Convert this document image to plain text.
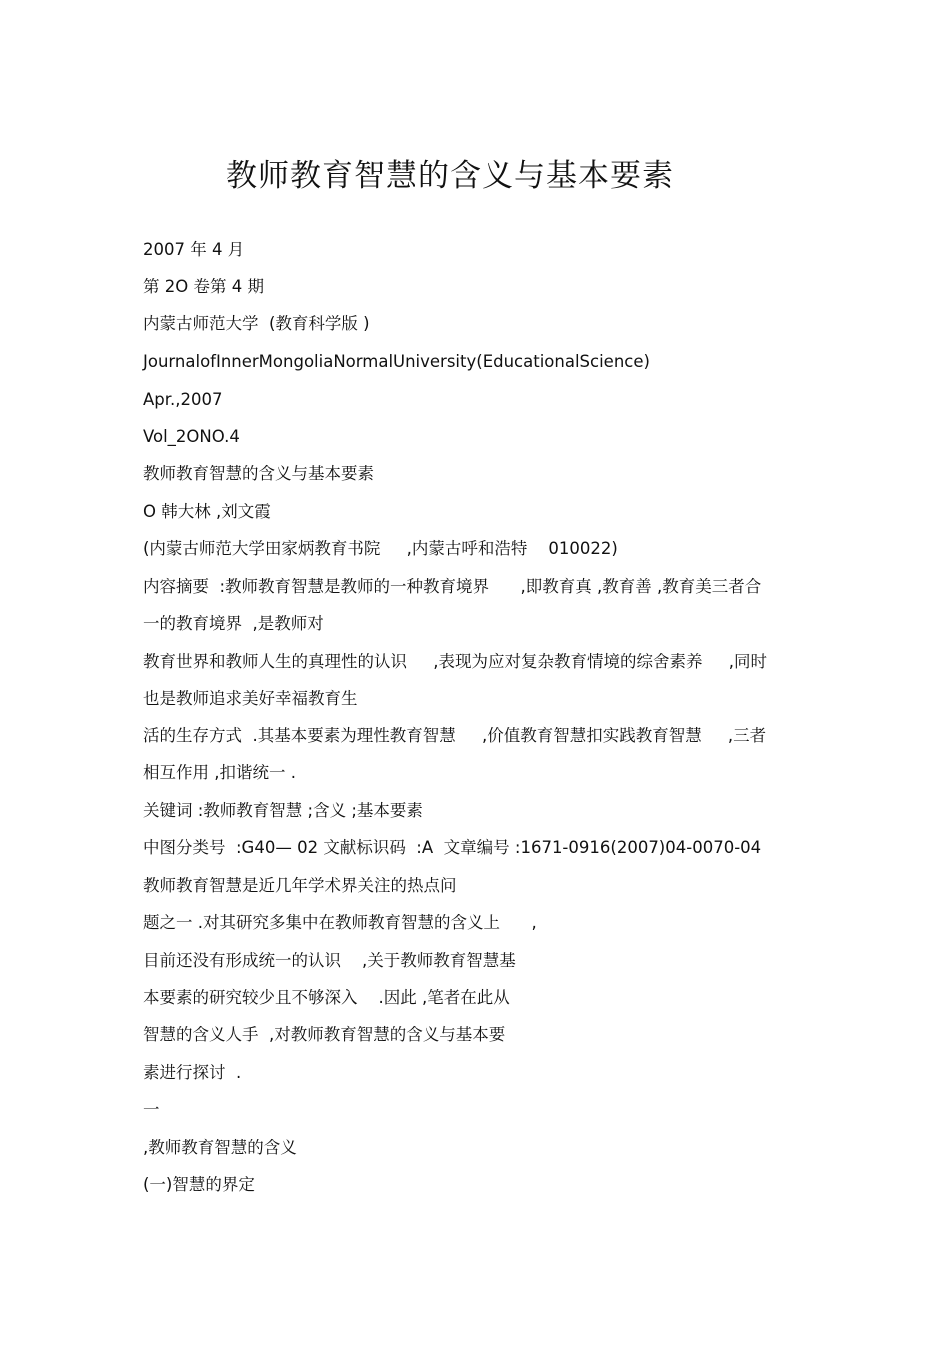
教师教育智慧的含义与基本要素
2007 年 4 月
第 2O 卷第 4 期
内蒙古师范大学  (教育科学版 )
JournalofInnerMongoliaNormalUniversity(EducationalScience)
Apr.,2007
Vol_2ONO.4
教师教育智慧的含义与基本要素
O 韩大林 ,刘文霞
(内蒙古师范大学田家炳教育书院     ,内蒙古呼和浩特    010022)
内容摘要  :教师教育智慧是教师的一种教育境界      ,即教育真 ,教育善 ,教育美三者合
一的教育境界  ,是教师对
教育世界和教师人生的真理性的认识     ,表现为应对复杂教育情境的综舍素养     ,同时
也是教师追求美好幸福教育生
活的生存方式  .其基本要素为理性教育智慧     ,价值教育智慧扣实践教育智慧     ,三者
相互作用 ,扣谐统一 .
关键词 :教师教育智慧 ;含义 ;基本要素
中图分类号  :G40— 02 文献标识码  :A  文章编号 :1671-0916(2007)04-0070-04
教师教育智慧是近几年学术界关注的热点问
题之一 .对其研究多集中在教师教育智慧的含义上      ,
目前还没有形成统一的认识    ,关于教师教育智慧基
本要素的研究较少且不够深入    .因此 ,笔者在此从
智慧的含义人手  ,对教师教育智慧的含义与基本要
素进行探讨  .
一
,教师教育智慧的含义
(一)智慧的界定
